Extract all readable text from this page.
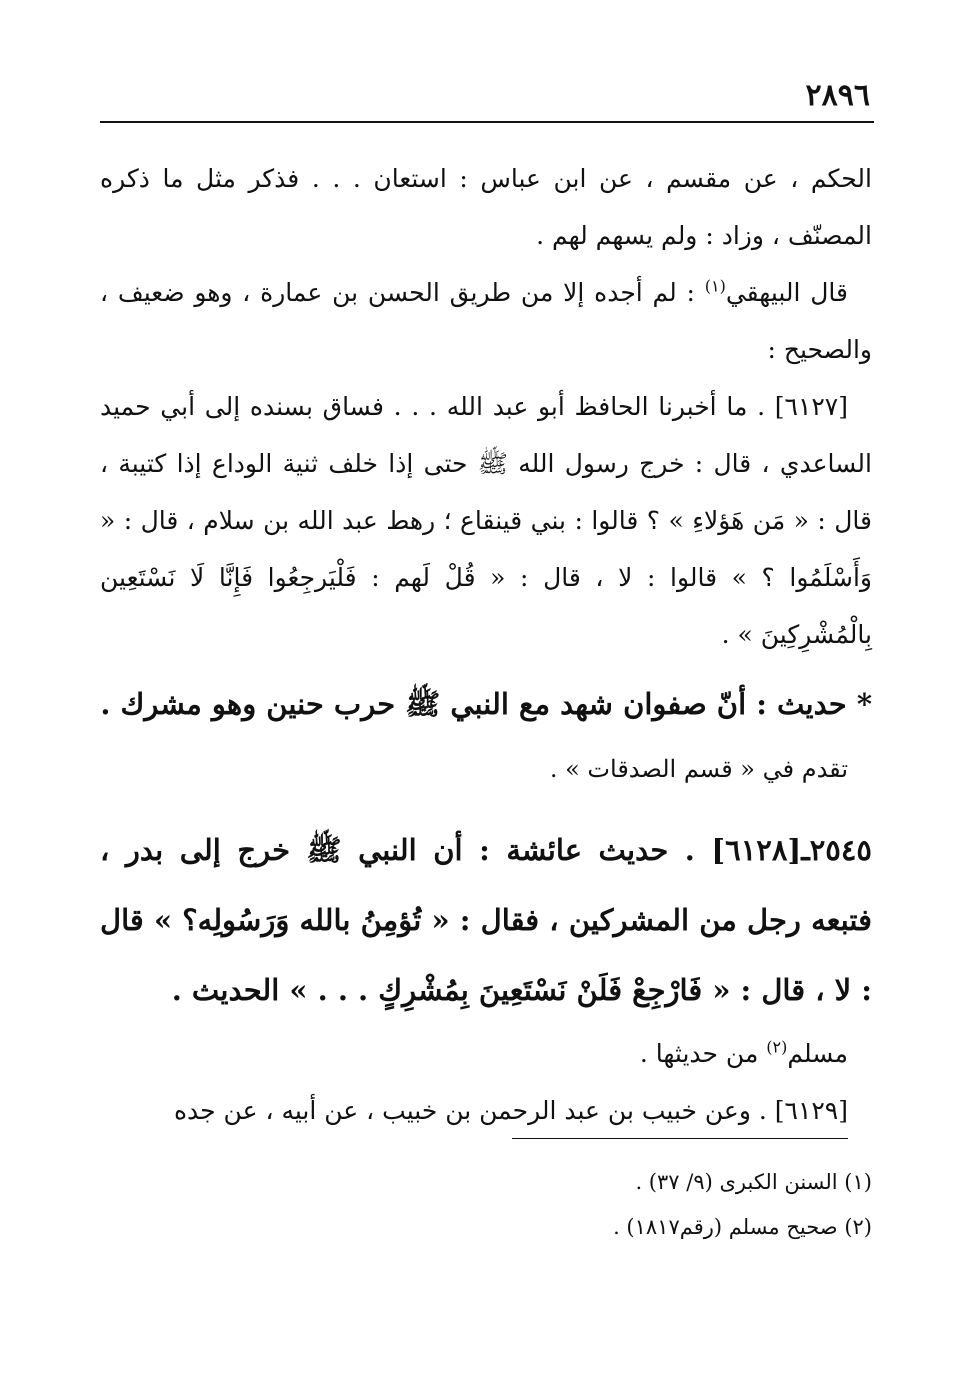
٢٨٩٦

الحكم ، عن مقسم ، عن ابن عباس : استعان . . . فذكر مثل ما ذكره المصنّف ، وزاد : ولم يسهم لهم .

قال البيهقي$^{(١)}$ : لم أجده إلا من طريق الحسن بن عمارة ، وهو ضعيف ، والصحيح :

[٦١٢٧] . ما أخبرنا الحافظ أبو عبد الله . . . فساق بسنده إلى أبي حميد الساعدي ، قال : خرج رسول الله ﷺ حتى إذا خلف ثنية الوداع إذا كتيبة ، قال : « مَن هَؤلاءِ » ؟ قالوا : بني قينقاع ؛ رهط عبد الله بن سلام ، قال : « وَأَسْلَمُوا ؟ » قالوا : لا ، قال : « قُلْ لَهم : فَلْيَرجِعُوا فَإِنَّا لَا نَسْتَعِين بِالْمُشْرِكِينَ » .

* حديث : أنّ صفوان شهد مع النبي ﷺ حرب حنين وهو مشرك .

تقدم في « قسم الصدقات » .

٢٥٤٥ـ[٦١٢٨] . حديث عائشة : أن النبي ﷺ خرج إلى بدر ، فتبعه رجل من المشركين ، فقال : « تُؤمِنُ بالله وَرَسُولِه؟ » قال : لا ، قال : « فَارْجِعْ فَلَنْ نَسْتَعِينَ بِمُشْرِكٍ . . . » الحديث .

مسلم$^{(٢)}$ من حديثها .

[٦١٢٩] . وعن خبيب بن عبد الرحمن بن خبيب ، عن أبيه ، عن جده

(١) السنن الكبرى (٩/ ٣٧) .

(٢) صحيح مسلم (رقم١٨١٧) .
